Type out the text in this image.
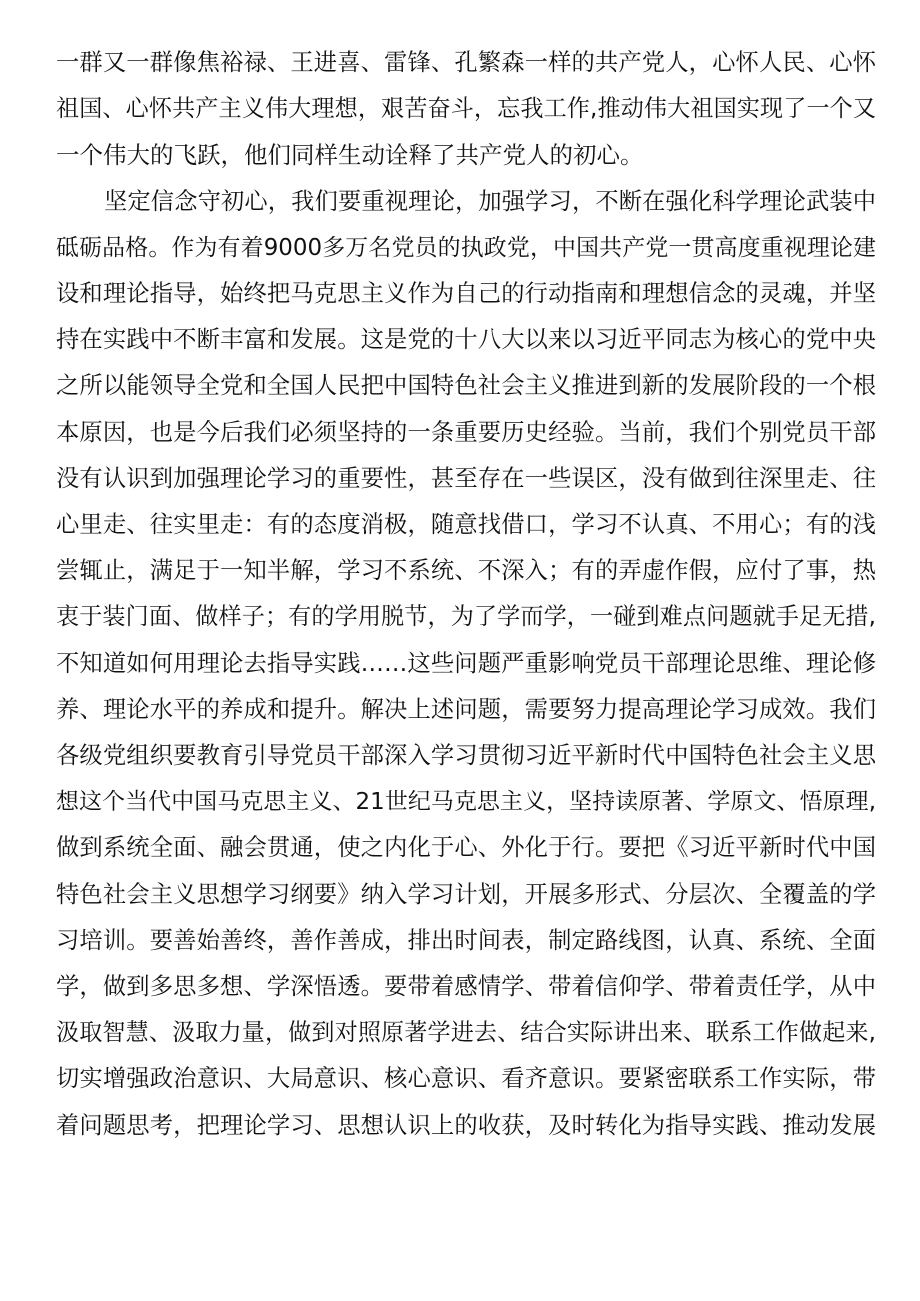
一群又一群像焦裕禄、王进喜、雷锋、孔繁森一样的共产党人，心怀人民、心怀
祖国、心怀共产主义伟大理想，艰苦奋斗，忘我工作,推动伟大祖国实现了一个又
一个伟大的飞跃，他们同样生动诠释了共产党人的初心。
坚定信念守初心，我们要重视理论，加强学习，不断在强化科学理论武装中
砥砺品格。作为有着9000多万名党员的执政党，中国共产党一贯高度重视理论建
设和理论指导，始终把马克思主义作为自己的行动指南和理想信念的灵魂，并坚
持在实践中不断丰富和发展。这是党的十八大以来以习近平同志为核心的党中央
之所以能领导全党和全国人民把中国特色社会主义推进到新的发展阶段的一个根
本原因，也是今后我们必须坚持的一条重要历史经验。当前，我们个别党员干部
没有认识到加强理论学习的重要性，甚至存在一些误区，没有做到往深里走、往
心里走、往实里走：有的态度消极，随意找借口，学习不认真、不用心；有的浅
尝辄止，满足于一知半解，学习不系统、不深入；有的弄虚作假，应付了事，热
衷于装门面、做样子；有的学用脱节，为了学而学，一碰到难点问题就手足无措,
不知道如何用理论去指导实践……这些问题严重影响党员干部理论思维、理论修
养、理论水平的养成和提升。解决上述问题，需要努力提高理论学习成效。我们
各级党组织要教育引导党员干部深入学习贯彻习近平新时代中国特色社会主义思
想这个当代中国马克思主义、21世纪马克思主义，坚持读原著、学原文、悟原理,
做到系统全面、融会贯通，使之内化于心、外化于行。要把《习近平新时代中国
特色社会主义思想学习纲要》纳入学习计划，开展多形式、分层次、全覆盖的学
习培训。要善始善终，善作善成，排出时间表，制定路线图，认真、系统、全面
学，做到多思多想、学深悟透。要带着感情学、带着信仰学、带着责任学，从中
汲取智慧、汲取力量，做到对照原著学进去、结合实际讲出来、联系工作做起来,
切实增强政治意识、大局意识、核心意识、看齐意识。要紧密联系工作实际，带
着问题思考，把理论学习、思想认识上的收获，及时转化为指导实践、推动发展
